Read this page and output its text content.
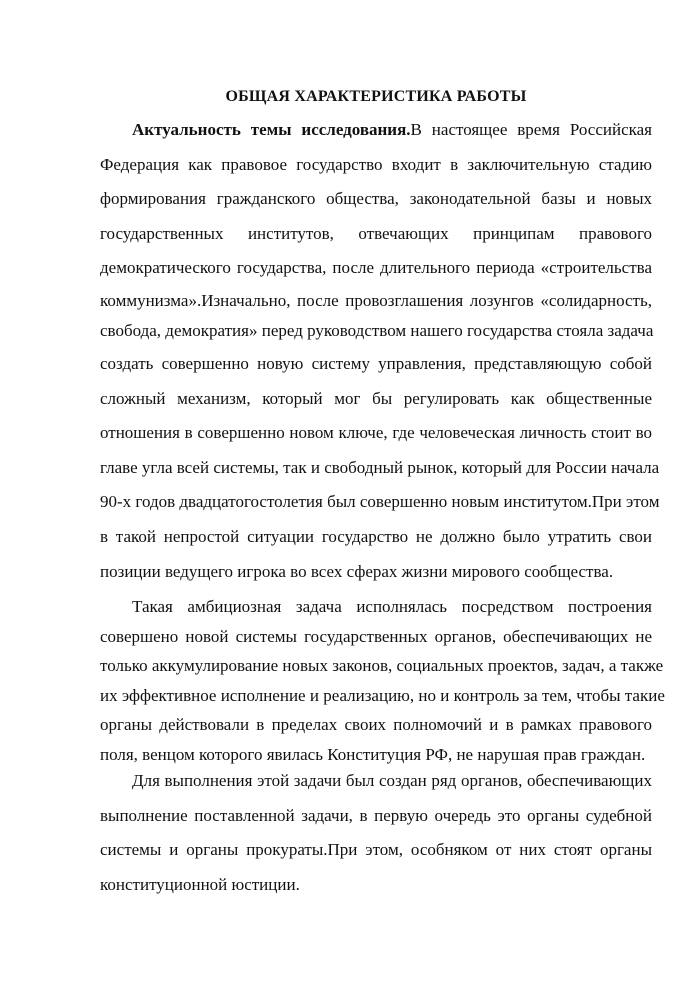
ОБЩАЯ ХАРАКТЕРИСТИКА РАБОТЫ
Актуальность темы исследования.В настоящее время Российская
Федерация как правовое государство входит в заключительную стадию
формирования гражданского общества, законодательной базы и новых
государственных институтов, отвечающих принципам правового
демократического государства, после длительного периода «строительства
коммунизма».Изначально, после провозглашения лозунгов «солидарность,
свобода, демократия» перед руководством нашего государства стояла задача
создать совершенно новую систему управления, представляющую собой
сложный механизм, который мог бы регулировать как общественные
отношения в совершенно новом ключе, где человеческая личность стоит во
главе угла всей системы, так и свободный рынок, который для России начала
90-х годов двадцатогостолетия был совершенно новым институтом.При этом
в такой непростой ситуации государство не должно было утратить свои
позиции ведущего игрока во всех сферах жизни мирового сообщества.
Такая амбициозная задача исполнялась посредством построения
совершено новой системы государственных органов, обеспечивающих не
только аккумулирование новых законов, социальных проектов, задач, а также
их эффективное исполнение и реализацию, но и контроль за тем, чтобы такие
органы действовали в пределах своих полномочий и в рамках правового
поля, венцом которого явилась Конституция РФ, не нарушая прав граждан.
Для выполнения этой задачи был создан ряд органов, обеспечивающих
выполнение поставленной задачи, в первую очередь это органы судебной
системы и органы прокураты.При этом, особняком от них стоят органы
конституционной юстиции.
